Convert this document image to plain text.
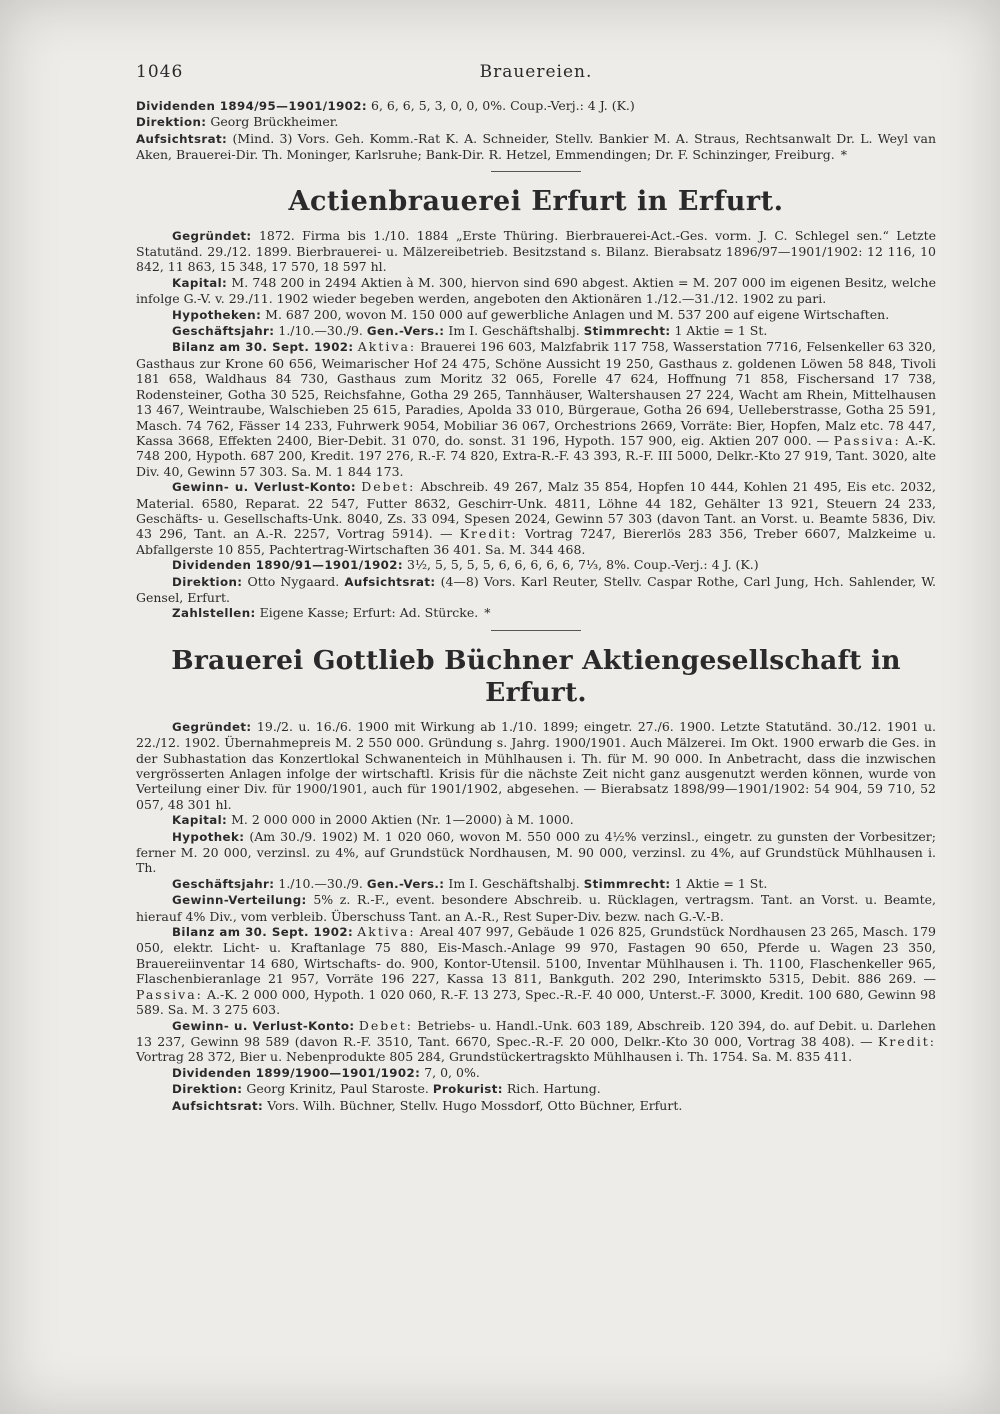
1046	Brauereien.

Dividenden 1894/95—1901/1902: 6, 6, 6, 5, 3, 0, 0, 0%. Coup.-Verj.: 4 J. (K.)

Direktion: Georg Brückheimer.

Aufsichtsrat: (Mind. 3) Vors. Geh. Komm.-Rat K. A. Schneider, Stellv. Bankier M. A. Straus, Rechtsanwalt Dr. L. Weyl van Aken, Brauerei-Dir. Th. Moninger, Karlsruhe; Bank-Dir. R. Hetzel, Emmendingen; Dr. F. Schinzinger, Freiburg. *

Actienbrauerei Erfurt in Erfurt.

Gegründet: 1872. Firma bis 1./10. 1884 „Erste Thüring. Bierbrauerei-Act.-Ges. vorm. J. C. Schlegel sen.“ Letzte Statutänd. 29./12. 1899. Bierbrauerei- u. Mälzereibetrieb. Besitzstand s. Bilanz. Bierabsatz 1896/97—1901/1902: 12 116, 10 842, 11 863, 15 348, 17 570, 18 597 hl.

Kapital: M. 748 200 in 2494 Aktien à M. 300, hiervon sind 690 abgest. Aktien = M. 207 000 im eigenen Besitz, welche infolge G.-V. v. 29./11. 1902 wieder begeben werden, angeboten den Aktionären 1./12.—31./12. 1902 zu pari.

Hypotheken: M. 687 200, wovon M. 150 000 auf gewerbliche Anlagen und M. 537 200 auf eigene Wirtschaften.

Geschäftsjahr: 1./10.—30./9. Gen.-Vers.: Im I. Geschäftshalbj. Stimmrecht: 1 Aktie = 1 St.

Bilanz am 30. Sept. 1902: Aktiva: Brauerei 196 603, Malzfabrik 117 758, Wasserstation 7716, Felsenkeller 63 320, Gasthaus zur Krone 60 656, Weimarischer Hof 24 475, Schöne Aussicht 19 250, Gasthaus z. goldenen Löwen 58 848, Tivoli 181 658, Waldhaus 84 730, Gasthaus zum Moritz 32 065, Forelle 47 624, Hoffnung 71 858, Fischersand 17 738, Rodensteiner, Gotha 30 525, Reichsfahne, Gotha 29 265, Tannhäuser, Waltershausen 27 224, Wacht am Rhein, Mittelhausen 13 467, Weintraube, Walschieben 25 615, Paradies, Apolda 33 010, Bürgeraue, Gotha 26 694, Uelleberstrasse, Gotha 25 591, Masch. 74 762, Fässer 14 233, Fuhrwerk 9054, Mobiliar 36 067, Orchestrions 2669, Vorräte: Bier, Hopfen, Malz etc. 78 447, Kassa 3668, Effekten 2400, Bier-Debit. 31 070, do. sonst. 31 196, Hypoth. 157 900, eig. Aktien 207 000. — Passiva: A.-K. 748 200, Hypoth. 687 200, Kredit. 197 276, R.-F. 74 820, Extra-R.-F. 43 393, R.-F. III 5000, Delkr.-Kto 27 919, Tant. 3020, alte Div. 40, Gewinn 57 303. Sa. M. 1 844 173.

Gewinn- u. Verlust-Konto: Debet: Abschreib. 49 267, Malz 35 854, Hopfen 10 444, Kohlen 21 495, Eis etc. 2032, Material. 6580, Reparat. 22 547, Futter 8632, Geschirr-Unk. 4811, Löhne 44 182, Gehälter 13 921, Steuern 24 233, Geschäfts- u. Gesellschafts-Unk. 8040, Zs. 33 094, Spesen 2024, Gewinn 57 303 (davon Tant. an Vorst. u. Beamte 5836, Div. 43 296, Tant. an A.-R. 2257, Vortrag 5914). — Kredit: Vortrag 7247, Biererlös 283 356, Treber 6607, Malzkeime u. Abfallgerste 10 855, Pachtertrag-Wirtschaften 36 401. Sa. M. 344 468.

Dividenden 1890/91—1901/1902: 3½, 5, 5, 5, 5, 6, 6, 6, 6, 6, 7⅓, 8%. Coup.-Verj.: 4 J. (K.)

Direktion: Otto Nygaard. Aufsichtsrat: (4—8) Vors. Karl Reuter, Stellv. Caspar Rothe, Carl Jung, Hch. Sahlender, W. Gensel, Erfurt.

Zahlstellen: Eigene Kasse; Erfurt: Ad. Stürcke. *

Brauerei Gottlieb Büchner Aktiengesellschaft in Erfurt.

Gegründet: 19./2. u. 16./6. 1900 mit Wirkung ab 1./10. 1899; eingetr. 27./6. 1900. Letzte Statutänd. 30./12. 1901 u. 22./12. 1902. Übernahmepreis M. 2 550 000. Gründung s. Jahrg. 1900/1901. Auch Mälzerei. Im Okt. 1900 erwarb die Ges. in der Subhastation das Konzertlokal Schwanenteich in Mühlhausen i. Th. für M. 90 000. In Anbetracht, dass die inzwischen vergrösserten Anlagen infolge der wirtschaftl. Krisis für die nächste Zeit nicht ganz ausgenutzt werden können, wurde von Verteilung einer Div. für 1900/1901, auch für 1901/1902, abgesehen. — Bierabsatz 1898/99—1901/1902: 54 904, 59 710, 52 057, 48 301 hl.

Kapital: M. 2 000 000 in 2000 Aktien (Nr. 1—2000) à M. 1000.

Hypothek: (Am 30./9. 1902) M. 1 020 060, wovon M. 550 000 zu 4½% verzinsl., eingetr. zu gunsten der Vorbesitzer; ferner M. 20 000, verzinsl. zu 4%, auf Grundstück Nordhausen, M. 90 000, verzinsl. zu 4%, auf Grundstück Mühlhausen i. Th.

Geschäftsjahr: 1./10.—30./9. Gen.-Vers.: Im I. Geschäftshalbj. Stimmrecht: 1 Aktie = 1 St.

Gewinn-Verteilung: 5% z. R.-F., event. besondere Abschreib. u. Rücklagen, vertragsm. Tant. an Vorst. u. Beamte, hierauf 4% Div., vom verbleib. Überschuss Tant. an A.-R., Rest Super-Div. bezw. nach G.-V.-B.

Bilanz am 30. Sept. 1902: Aktiva: Areal 407 997, Gebäude 1 026 825, Grundstück Nordhausen 23 265, Masch. 179 050, elektr. Licht- u. Kraftanlage 75 880, Eis-Masch.-Anlage 99 970, Fastagen 90 650, Pferde u. Wagen 23 350, Brauereiinventar 14 680, Wirtschafts- do. 900, Kontor-Utensil. 5100, Inventar Mühlhausen i. Th. 1100, Flaschenkeller 965, Flaschenbieranlage 21 957, Vorräte 196 227, Kassa 13 811, Bankguth. 202 290, Interimskto 5315, Debit. 886 269. — Passiva: A.-K. 2 000 000, Hypoth. 1 020 060, R.-F. 13 273, Spec.-R.-F. 40 000, Unterst.-F. 3000, Kredit. 100 680, Gewinn 98 589. Sa. M. 3 275 603.

Gewinn- u. Verlust-Konto: Debet: Betriebs- u. Handl.-Unk. 603 189, Abschreib. 120 394, do. auf Debit. u. Darlehen 13 237, Gewinn 98 589 (davon R.-F. 3510, Tant. 6670, Spec.-R.-F. 20 000, Delkr.-Kto 30 000, Vortrag 38 408). — Kredit: Vortrag 28 372, Bier u. Nebenprodukte 805 284, Grundstückertragskto Mühlhausen i. Th. 1754. Sa. M. 835 411.

Dividenden 1899/1900—1901/1902: 7, 0, 0%.

Direktion: Georg Krinitz, Paul Staroste. Prokurist: Rich. Hartung.

Aufsichtsrat: Vors. Wilh. Büchner, Stellv. Hugo Mossdorf, Otto Büchner, Erfurt.
